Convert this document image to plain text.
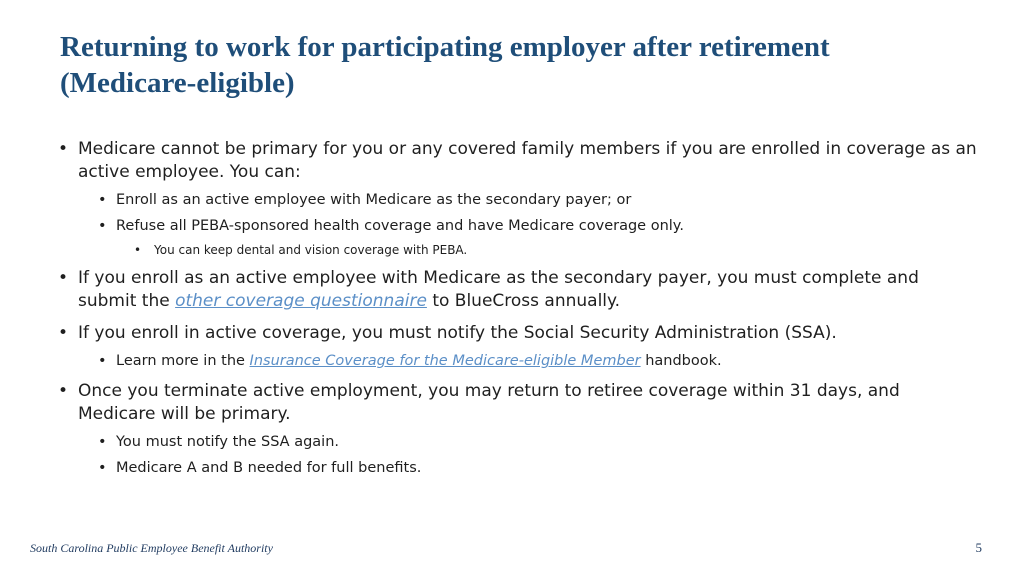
Returning to work for participating employer after retirement
(Medicare-eligible)
• Medicare cannot be primary for you or any covered family members if you are enrolled in coverage as an active employee. You can:
• Enroll as an active employee with Medicare as the secondary payer; or
• Refuse all PEBA-sponsored health coverage and have Medicare coverage only.
• You can keep dental and vision coverage with PEBA.
• If you enroll as an active employee with Medicare as the secondary payer, you must complete and submit the other coverage questionnaire to BlueCross annually.
• If you enroll in active coverage, you must notify the Social Security Administration (SSA).
• Learn more in the Insurance Coverage for the Medicare-eligible Member handbook.
• Once you terminate active employment, you may return to retiree coverage within 31 days, and Medicare will be primary.
• You must notify the SSA again.
• Medicare A and B needed for full benefits.
South Carolina Public Employee Benefit Authority	5
